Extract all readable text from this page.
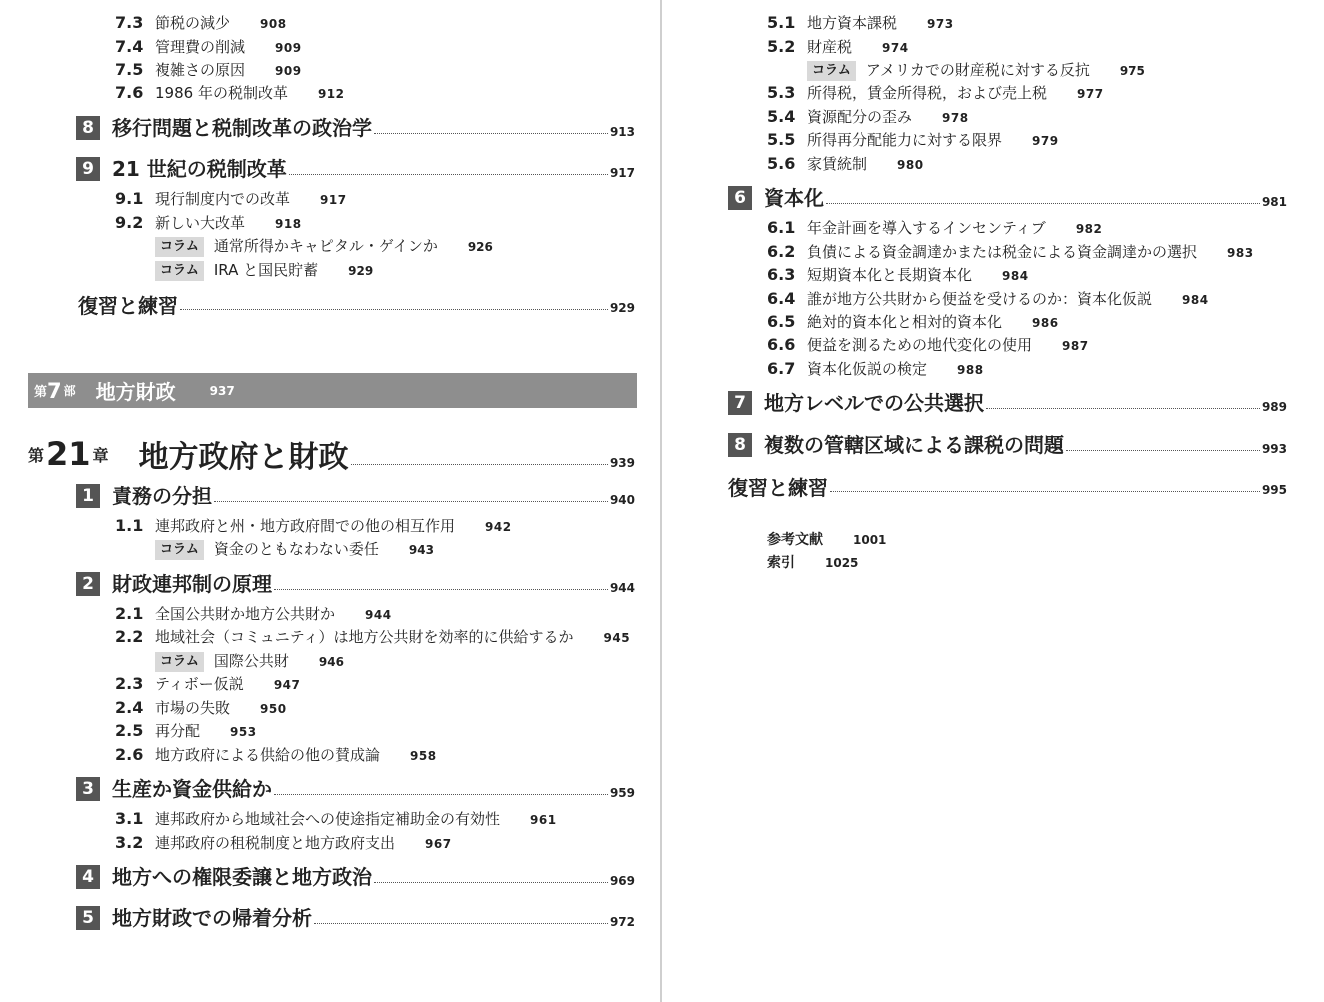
7.3 節税の減少	908
7.4 管理費の削減	909
7.5 複雑さの原因	909
7.6 1986 年の税制改革	912
8 移行問題と税制改革の政治学	913
9 21 世紀の税制改革	917
9.1 現行制度内での改革	917
9.2 新しい大改革	918
コラム 通常所得かキャピタル・ゲインか	926
コラム IRA と国民貯蓄	929
復習と練習	929
第 7 部 地方財政	937
第 21 章 地方政府と財政	939
1 責務の分担	940
1.1 連邦政府と州・地方政府間での他の相互作用	942
コラム 資金のともなわない委任	943
2 財政連邦制の原理	944
2.1 全国公共財か地方公共財か	944
2.2 地域社会（コミュニティ）は地方公共財を効率的に供給するか	945
コラム 国際公共財	946
2.3 ティボー仮説	947
2.4 市場の失敗	950
2.5 再分配	953
2.6 地方政府による供給の他の賛成論	958
3 生産か資金供給か	959
3.1 連邦政府から地域社会への使途指定補助金の有効性	961
3.2 連邦政府の租税制度と地方政府支出	967
4 地方への権限委譲と地方政治	969
5 地方財政での帰着分析	972
5.1 地方資本課税	973
5.2 財産税	974
コラム アメリカでの財産税に対する反抗	975
5.3 所得税，賃金所得税，および売上税	977
5.4 資源配分の歪み	978
5.5 所得再分配能力に対する限界	979
5.6 家賃統制	980
6 資本化	981
6.1 年金計画を導入するインセンティブ	982
6.2 負債による資金調達かまたは税金による資金調達かの選択	983
6.3 短期資本化と長期資本化	984
6.4 誰が地方公共財から便益を受けるのか：資本化仮説	984
6.5 絶対的資本化と相対的資本化	986
6.6 便益を測るための地代変化の使用	987
6.7 資本化仮説の検定	988
7 地方レベルでの公共選択	989
8 複数の管轄区域による課税の問題	993
復習と練習	995
参考文献	1001
索引	1025
